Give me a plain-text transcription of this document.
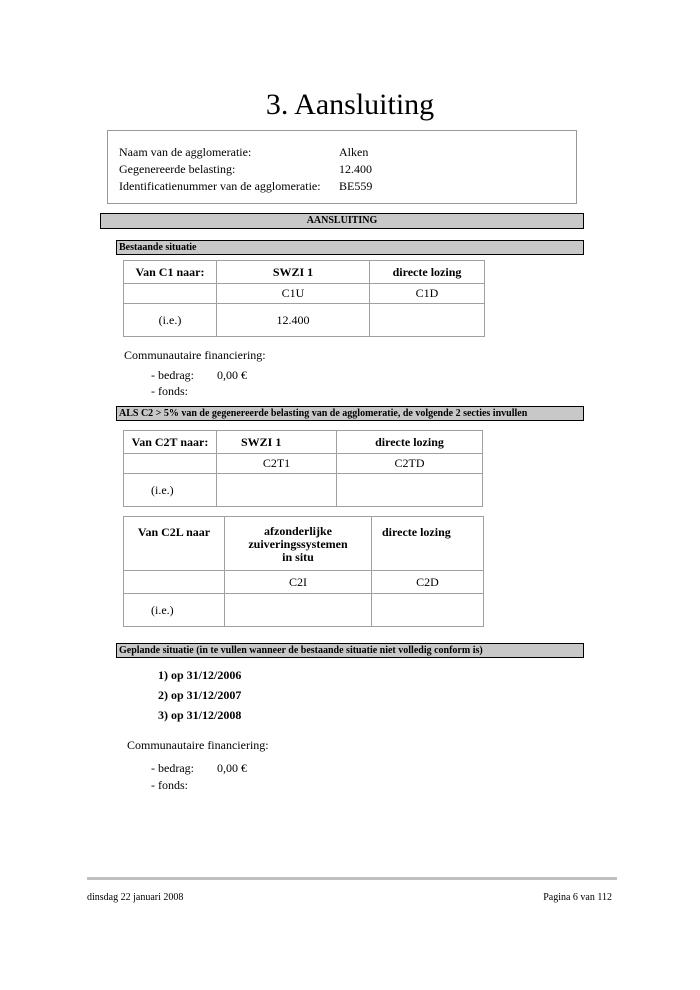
3. Aansluiting
Naam van de agglomeratie:	Alken
Gegenereerde belasting:	12.400
Identificatienummer van de agglomeratie: BE559
AANSLUITING
Bestaande situatie
Van C1 naar:	SWZI 1	directe lozing
	C1U	C1D
(i.e.)	12.400	
Communautaire financiering:
- bedrag: 0,00 €
- fonds:
ALS C2 > 5% van de gegenereerde belasting van de agglomeratie, de volgende 2 secties invullen
Van C2T naar:	SWZI 1	directe lozing
	C2T1	C2TD
(i.e.)		
Van C2L naar	afzonderlijke
zuiveringssystemen
in situ	directe lozing
	C2I	C2D
(i.e.)		
Geplande situatie (in te vullen wanneer de bestaande situatie niet volledig conform is)
1) op 31/12/2006
2) op 31/12/2007
3) op 31/12/2008
Communautaire financiering:
- bedrag: 0,00 €
- fonds:
dinsdag 22 januari 2008	Pagina 6 van 112
